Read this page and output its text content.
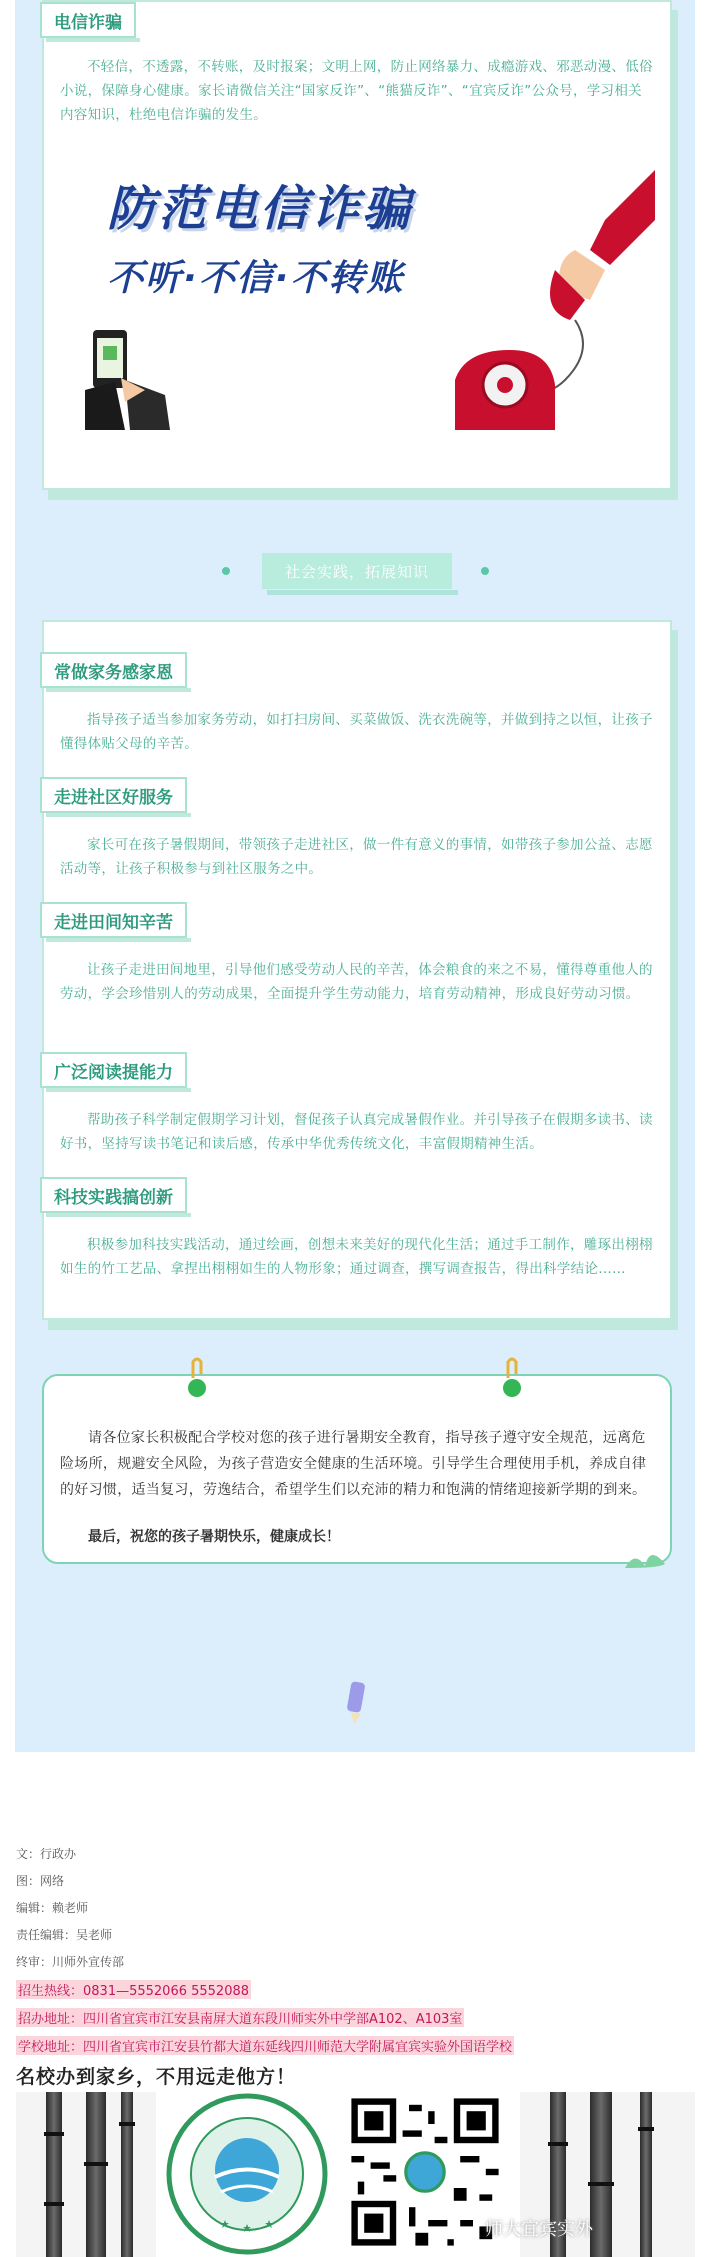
电信诈骗
不轻信，不透露，不转账，及时报案；文明上网，防止网络暴力、成瘾游戏、邪恶动漫、低俗小说，保障身心健康。家长请微信关注“国家反诈”、“熊猫反诈”、“宜宾反诈”公众号，学习相关内容知识，杜绝电信诈骗的发生。
防范电信诈骗
不听·不信·不转账
社会实践，拓展知识
常做家务感家恩
指导孩子适当参加家务劳动，如打扫房间、买菜做饭、洗衣洗碗等，并做到持之以恒，让孩子懂得体贴父母的辛苦。
走进社区好服务
家长可在孩子暑假期间，带领孩子走进社区，做一件有意义的事情，如带孩子参加公益、志愿活动等，让孩子积极参与到社区服务之中。
走进田间知辛苦
让孩子走进田间地里，引导他们感受劳动人民的辛苦，体会粮食的来之不易，懂得尊重他人的劳动，学会珍惜别人的劳动成果，全面提升学生劳动能力，培育劳动精神，形成良好劳动习惯。
广泛阅读提能力
帮助孩子科学制定假期学习计划，督促孩子认真完成暑假作业。并引导孩子在假期多读书、读好书，坚持写读书笔记和读后感，传承中华优秀传统文化，丰富假期精神生活。
科技实践搞创新
积极参加科技实践活动，通过绘画，创想未来美好的现代化生活；通过手工制作，雕琢出栩栩如生的竹工艺品、拿捏出栩栩如生的人物形象；通过调查，撰写调查报告，得出科学结论……
请各位家长积极配合学校对您的孩子进行暑期安全教育，指导孩子遵守安全规范，远离危险场所，规避安全风险，为孩子营造安全健康的生活环境。引导学生合理使用手机，养成自律的好习惯，适当复习，劳逸结合，希望学生们以充沛的精力和饱满的情绪迎接新学期的到来。
最后，祝您的孩子暑期快乐，健康成长！
文：行政办
图：网络
编辑：赖老师
责任编辑：吴老师
终审：川师外宣传部
招生热线：0831—5552066 5552088
招办地址：四川省宜宾市江安县南屏大道东段川师实外中学部A102、A103室
学校地址：四川省宜宾市江安县竹都大道东延线四川师范大学附属宜宾实验外国语学校
名校办到家乡，不用远走他方！
师大宜宾实外
